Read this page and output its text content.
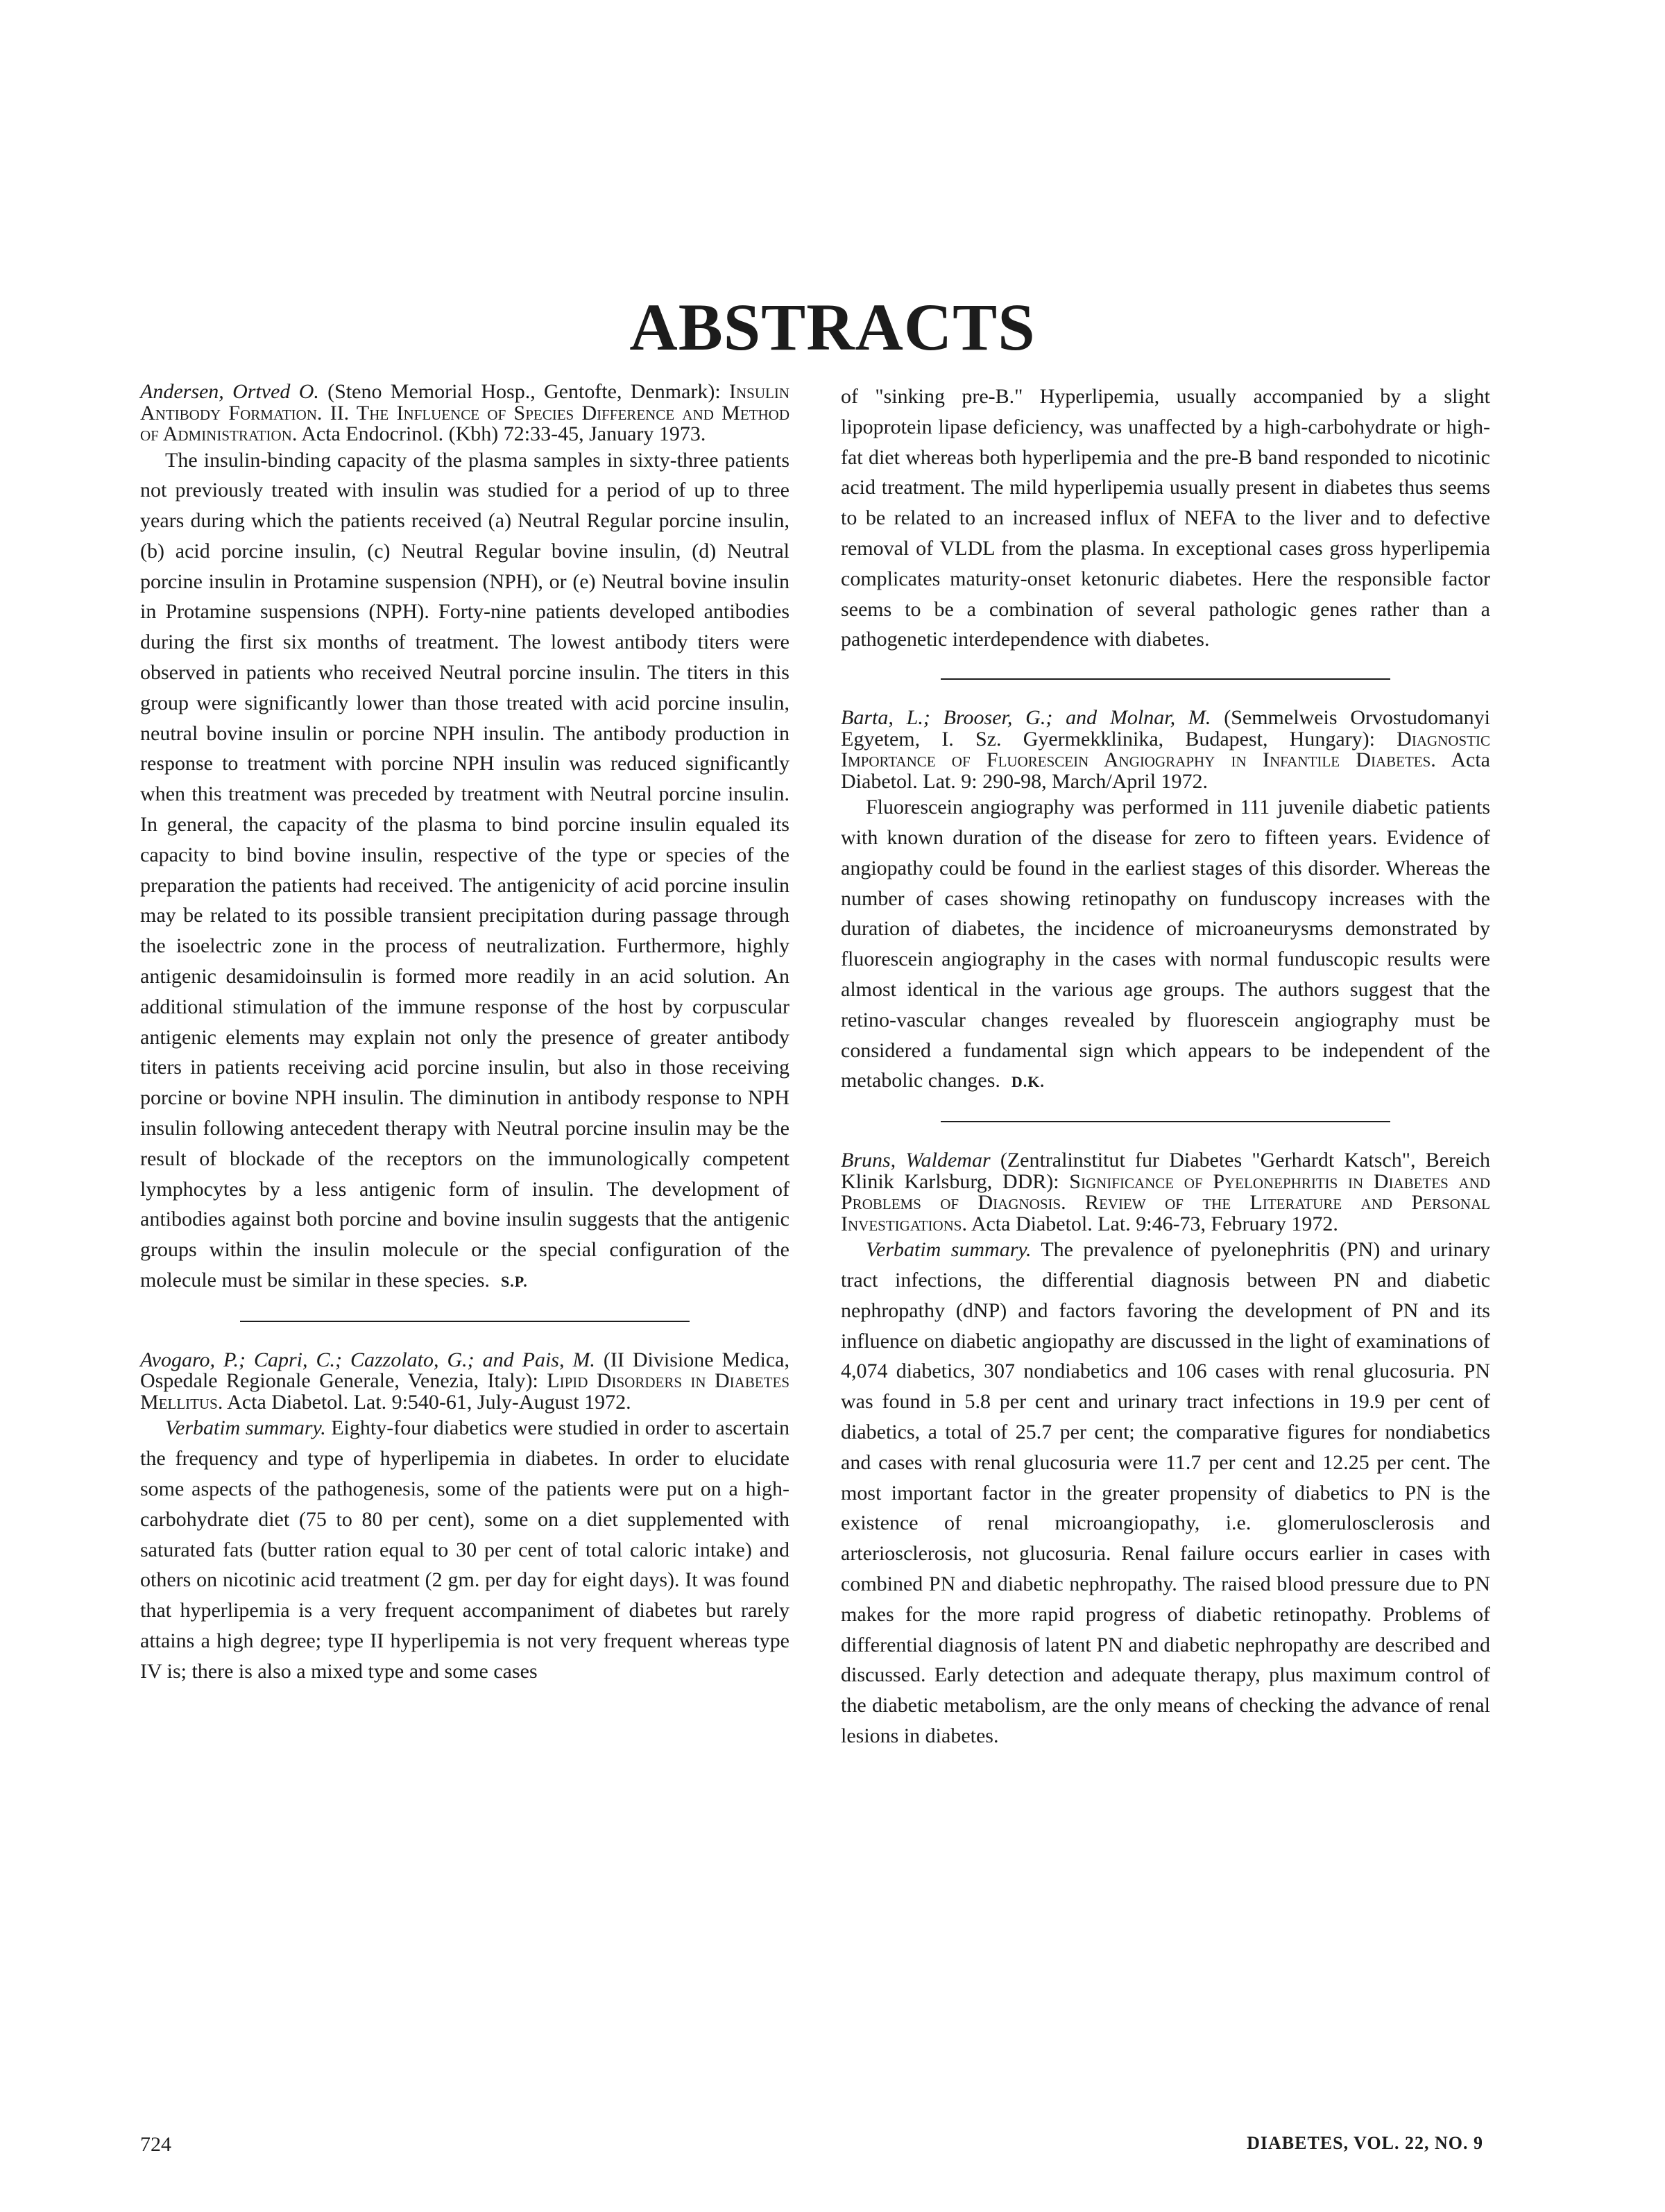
ABSTRACTS

Andersen, Ortved O. (Steno Memorial Hosp., Gentofte, Denmark): Insulin Antibody Formation. II. The Influence of Species Difference and Method of Administration. Acta Endocrinol. (Kbh) 72:33-45, January 1973.

The insulin-binding capacity of the plasma samples in sixty-three patients not previously treated with insulin was studied for a period of up to three years during which the patients received (a) Neutral Regular porcine insulin, (b) acid porcine insulin, (c) Neutral Regular bovine insulin, (d) Neutral porcine insulin in Protamine suspension (NPH), or (e) Neutral bovine insulin in Protamine suspensions (NPH). Forty-nine patients developed antibodies during the first six months of treatment. The lowest antibody titers were observed in patients who received Neutral porcine insulin. The titers in this group were significantly lower than those treated with acid porcine insulin, neutral bovine insulin or porcine NPH insulin. The antibody production in response to treatment with porcine NPH insulin was reduced significantly when this treatment was preceded by treatment with Neutral porcine insulin. In general, the capacity of the plasma to bind porcine insulin equaled its capacity to bind bovine insulin, respective of the type or species of the preparation the patients had received. The antigenicity of acid porcine insulin may be related to its possible transient precipitation during passage through the isoelectric zone in the process of neutralization. Furthermore, highly antigenic desamidoinsulin is formed more readily in an acid solution. An additional stimulation of the immune response of the host by corpuscular antigenic elements may explain not only the presence of greater antibody titers in patients receiving acid porcine insulin, but also in those receiving porcine or bovine NPH insulin. The diminution in antibody response to NPH insulin following antecedent therapy with Neutral porcine insulin may be the result of blockade of the receptors on the immunologically competent lymphocytes by a less antigenic form of insulin. The development of antibodies against both porcine and bovine insulin suggests that the antigenic groups within the insulin molecule or the special configuration of the molecule must be similar in these species. S.P.

Avogaro, P.; Capri, C.; Cazzolato, G.; and Pais, M. (II Divisione Medica, Ospedale Regionale Generale, Venezia, Italy): Lipid Disorders in Diabetes Mellitus. Acta Diabetol. Lat. 9:540-61, July-August 1972.

Verbatim summary. Eighty-four diabetics were studied in order to ascertain the frequency and type of hyperlipemia in diabetes. In order to elucidate some aspects of the pathogenesis, some of the patients were put on a high-carbohydrate diet (75 to 80 per cent), some on a diet supplemented with saturated fats (butter ration equal to 30 per cent of total caloric intake) and others on nicotinic acid treatment (2 gm. per day for eight days). It was found that hyperlipemia is a very frequent accompaniment of diabetes but rarely attains a high degree; type II hyperlipemia is not very frequent whereas type IV is; there is also a mixed type and some cases

of "sinking pre-B." Hyperlipemia, usually accompanied by a slight lipoprotein lipase deficiency, was unaffected by a high-carbohydrate or high-fat diet whereas both hyperlipemia and the pre-B band responded to nicotinic acid treatment. The mild hyperlipemia usually present in diabetes thus seems to be related to an increased influx of NEFA to the liver and to defective removal of VLDL from the plasma. In exceptional cases gross hyperlipemia complicates maturity-onset ketonuric diabetes. Here the responsible factor seems to be a combination of several pathologic genes rather than a pathogenetic interdependence with diabetes.

Barta, L.; Brooser, G.; and Molnar, M. (Semmelweis Orvostudomanyi Egyetem, I. Sz. Gyermekklinika, Budapest, Hungary): Diagnostic Importance of Fluorescein Angiography in Infantile Diabetes. Acta Diabetol. Lat. 9: 290-98, March/April 1972.

Fluorescein angiography was performed in 111 juvenile diabetic patients with known duration of the disease for zero to fifteen years. Evidence of angiopathy could be found in the earliest stages of this disorder. Whereas the number of cases showing retinopathy on funduscopy increases with the duration of diabetes, the incidence of microaneurysms demonstrated by fluorescein angiography in the cases with normal funduscopic results were almost identical in the various age groups. The authors suggest that the retino-vascular changes revealed by fluorescein angiography must be considered a fundamental sign which appears to be independent of the metabolic changes. D.K.

Bruns, Waldemar (Zentralinstitut fur Diabetes "Gerhardt Katsch", Bereich Klinik Karlsburg, DDR): Significance of Pyelonephritis in Diabetes and Problems of Diagnosis. Review of the Literature and Personal Investigations. Acta Diabetol. Lat. 9:46-73, February 1972.

Verbatim summary. The prevalence of pyelonephritis (PN) and urinary tract infections, the differential diagnosis between PN and diabetic nephropathy (dNP) and factors favoring the development of PN and its influence on diabetic angiopathy are discussed in the light of examinations of 4,074 diabetics, 307 nondiabetics and 106 cases with renal glucosuria. PN was found in 5.8 per cent and urinary tract infections in 19.9 per cent of diabetics, a total of 25.7 per cent; the comparative figures for nondiabetics and cases with renal glucosuria were 11.7 per cent and 12.25 per cent. The most important factor in the greater propensity of diabetics to PN is the existence of renal microangiopathy, i.e. glomerulosclerosis and arteriosclerosis, not glucosuria. Renal failure occurs earlier in cases with combined PN and diabetic nephropathy. The raised blood pressure due to PN makes for the more rapid progress of diabetic retinopathy. Problems of differential diagnosis of latent PN and diabetic nephropathy are described and discussed. Early detection and adequate therapy, plus maximum control of the diabetic metabolism, are the only means of checking the advance of renal lesions in diabetes.

724	DIABETES, VOL. 22, NO. 9
